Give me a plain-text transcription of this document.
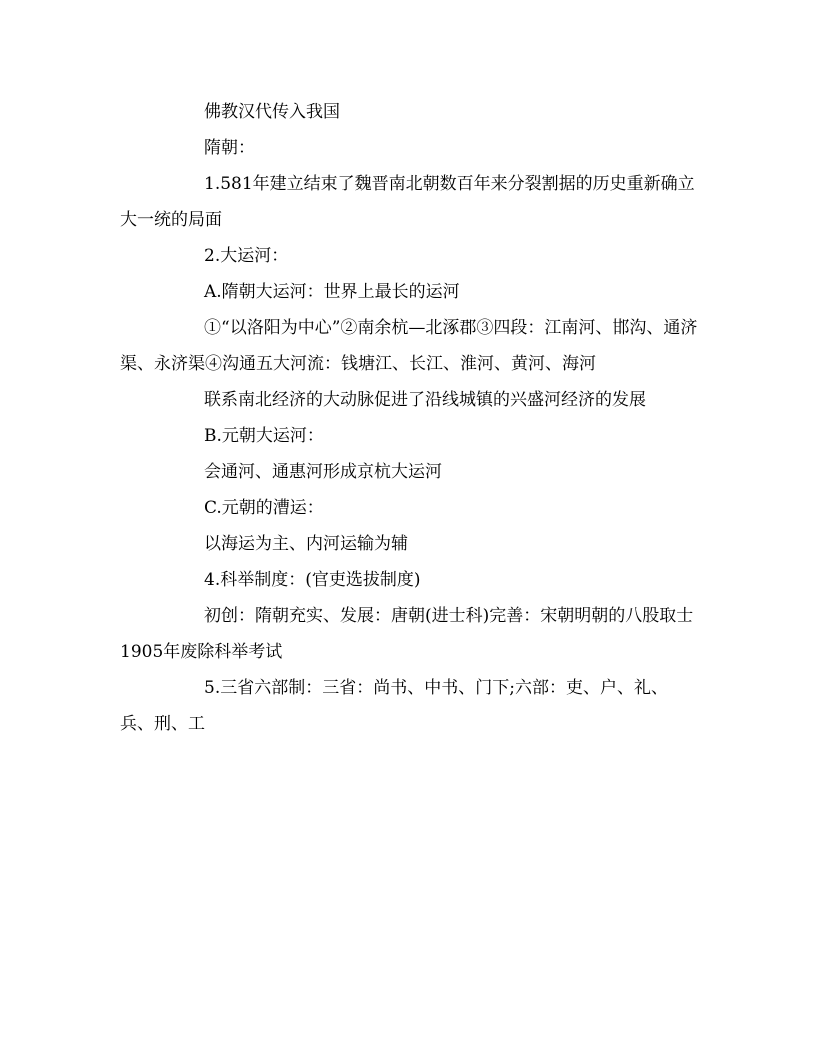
佛教汉代传入我国

隋朝：

1.581年建立结束了魏晋南北朝数百年来分裂割据的历史重新确立大一统的局面

2.大运河：

A.隋朝大运河：世界上最长的运河

①“以洛阳为中心”②南余杭—北涿郡③四段：江南河、邯沟、通济渠、永济渠④沟通五大河流：钱塘江、长江、淮河、黄河、海河

联系南北经济的大动脉促进了沿线城镇的兴盛河经济的发展

B.元朝大运河：

会通河、通惠河形成京杭大运河

C.元朝的漕运：

以海运为主、内河运输为辅

4.科举制度：(官吏选拔制度)

初创：隋朝充实、发展：唐朝(进士科)完善：宋朝明朝的八股取士1905年废除科举考试

5.三省六部制：三省：尚书、中书、门下;六部：吏、户、礼、兵、刑、工
